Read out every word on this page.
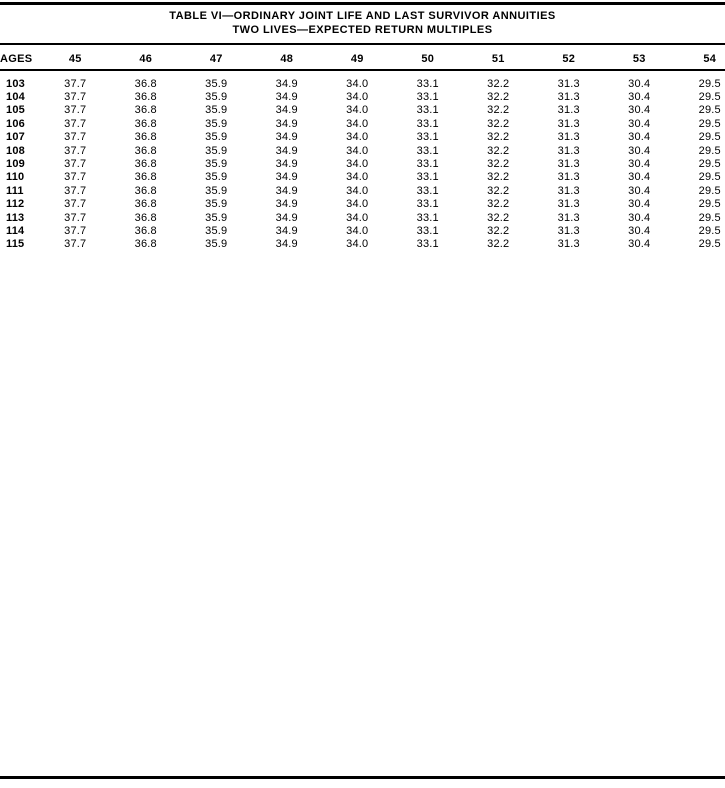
TABLE VI—ORDINARY JOINT LIFE AND LAST SURVIVOR ANNUITIES
TWO LIVES—EXPECTED RETURN MULTIPLES
AGES	45	46	47	48	49	50	51	52	53	54
103	37.7	36.8	35.9	34.9	34.0	33.1	32.2	31.3	30.4	29.5
104	37.7	36.8	35.9	34.9	34.0	33.1	32.2	31.3	30.4	29.5
105	37.7	36.8	35.9	34.9	34.0	33.1	32.2	31.3	30.4	29.5
106	37.7	36.8	35.9	34.9	34.0	33.1	32.2	31.3	30.4	29.5
107	37.7	36.8	35.9	34.9	34.0	33.1	32.2	31.3	30.4	29.5
108	37.7	36.8	35.9	34.9	34.0	33.1	32.2	31.3	30.4	29.5
109	37.7	36.8	35.9	34.9	34.0	33.1	32.2	31.3	30.4	29.5
110	37.7	36.8	35.9	34.9	34.0	33.1	32.2	31.3	30.4	29.5
111	37.7	36.8	35.9	34.9	34.0	33.1	32.2	31.3	30.4	29.5
112	37.7	36.8	35.9	34.9	34.0	33.1	32.2	31.3	30.4	29.5
113	37.7	36.8	35.9	34.9	34.0	33.1	32.2	31.3	30.4	29.5
114	37.7	36.8	35.9	34.9	34.0	33.1	32.2	31.3	30.4	29.5
115	37.7	36.8	35.9	34.9	34.0	33.1	32.2	31.3	30.4	29.5
